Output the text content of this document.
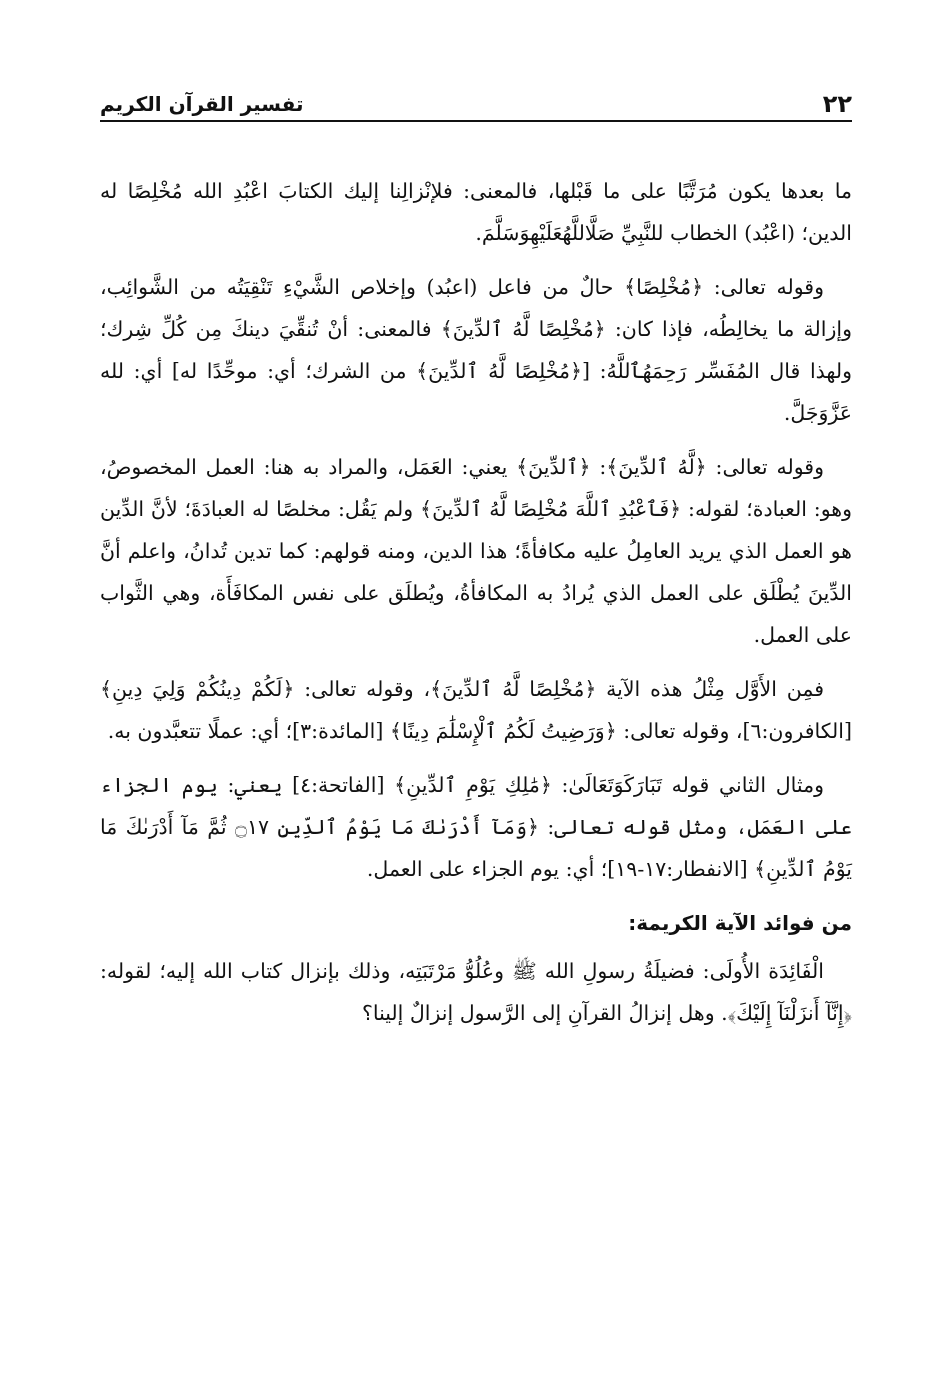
٢٢
تفسير القرآن الكريم

ما بعدها يكون مُرَتَّبًا على ما قَبْلها، فالمعنى: فلإنْزالِنا إليك الكتابَ اعْبُدِ الله مُخْلِصًا له الدين؛ (اعْبُد) الخطاب للنَّبِيِّ صَلَّاللَّهُعَلَيْهِوَسَلَّمَ.

وقوله تعالى: ﴿مُخْلِصًا﴾ حالٌ من فاعل (اعبُد) وإخلاص الشَّيْءِ تَنْقِيَتُه من الشَّوائِب، وإزالة ما يخالِطُه، فإذا كان: ﴿مُخْلِصًا لَّهُ ٱلدِّينَ﴾ فالمعنى: أنْ تُنقِّيَ دينكَ مِن كُلِّ شِرك؛ ولهذا قال المُفَسِّر رَحِمَهُٱللَّهُ: [﴿مُخْلِصًا لَّهُ ٱلدِّينَ﴾ من الشرك؛ أي: موحِّدًا له] أي: لله عَزَّوَجَلَّ.

وقوله تعالى: ﴿لَّهُ ٱلدِّينَ﴾: ﴿ٱلدِّينَ﴾ يعني: العَمَل، والمراد به هنا: العمل المخصوصُ، وهو: العبادة؛ لقوله: ﴿فَٱعْبُدِ ٱللَّهَ مُخْلِصًا لَّهُ ٱلدِّينَ﴾ ولم يَقُل: مخلصًا له العبادَةَ؛ لأنَّ الدِّين هو العمل الذي يريد العامِلُ عليه مكافأةً؛ هذا الدين، ومنه قولهم: كما تدين تُدانُ، واعلم أنَّ الدِّينَ يُطْلَق على العمل الذي يُرادُ به المكافأةُ، ويُطلَق على نفس المكافَأَة، وهي الثَّواب على العمل.

فمِن الأَوَّل مِثْلُ هذه الآية ﴿مُخْلِصًا لَّهُ ٱلدِّينَ﴾، وقوله تعالى: ﴿لَكُمْ دِينُكُمْ وَلِيَ دِينِ﴾ [الكافرون:٦]، وقوله تعالى: ﴿وَرَضِيتُ لَكُمُ ٱلْإِسْلَٰمَ دِينًا﴾ [المائدة:٣]؛ أي: عملًا تتعبَّدون به.

ومثال الثاني قوله تَبَارَكَوَتَعَالَىٰ: ﴿مَٰلِكِ يَوْمِ ٱلدِّينِ﴾ [الفاتحة:٤] يعني: يوم الجزاء على العَمَل، ومثل قوله تعالى: ﴿وَمَآ أَدْرَىٰكَ مَا يَوْمُ ٱلدِّينِ ۝١٧ ثُمَّ مَآ أَدْرَىٰكَ مَا يَوْمُ ٱلدِّينِ﴾ [الانفطار:١٧-١٩]؛ أي: يوم الجزاء على العمل.

من فوائد الآية الكريمة:

الْفَائِدَة الأُولَى: فضيلَةُ رسولِ الله ﷺ وعُلُوُّ مَرْتَبَتِه، وذلك بإنزال كتاب الله إليه؛ لقوله: ﴿إِنَّآ أَنزَلْنَآ إِلَيْكَ﴾. وهل إنزالُ القرآنِ إلى الرَّسول إنزالٌ إلينا؟
